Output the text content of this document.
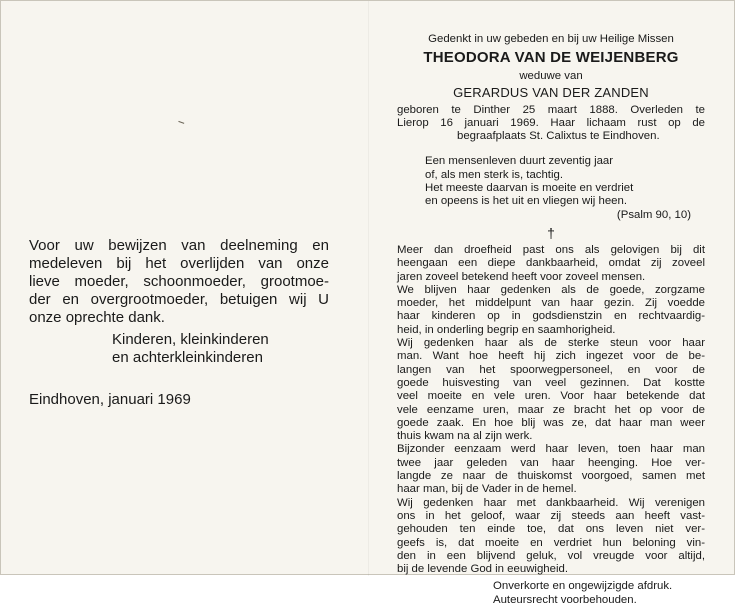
Voor uw bewijzen van deelneming en
medeleven bij het overlijden van onze
lieve moeder, schoonmoeder, grootmoe-
der en overgrootmoeder, betuigen wij U
onze oprechte dank.
Kinderen, kleinkinderen
en achterkleinkinderen
Eindhoven, januari 1969
Gedenkt in uw gebeden en bij uw Heilige Missen
THEODORA VAN DE WEIJENBERG
weduwe van
GERARDUS VAN DER ZANDEN
geboren te Dinther 25 maart 1888. Overleden te
Lierop 16 januari 1969. Haar lichaam rust op de
begraafplaats St. Calixtus te Eindhoven.
Een mensenleven duurt zeventig jaar
of, als men sterk is, tachtig.
Het meeste daarvan is moeite en verdriet
en opeens is het uit en vliegen wij heen.
(Psalm 90, 10)
†
Meer dan droefheid past ons als gelovigen bij dit
heengaan een diepe dankbaarheid, omdat zij zoveel
jaren zoveel betekend heeft voor zoveel mensen.
We blijven haar gedenken als de goede, zorgzame
moeder, het middelpunt van haar gezin. Zij voedde
haar kinderen op in godsdienstzin en rechtvaardig-
heid, in onderling begrip en saamhorigheid.
Wij gedenken haar als de sterke steun voor haar
man. Want hoe heeft hij zich ingezet voor de be-
langen van het spoorwegpersoneel, en voor de
goede huisvesting van veel gezinnen. Dat kostte
veel moeite en vele uren. Voor haar betekende dat
vele eenzame uren, maar ze bracht het op voor de
goede zaak. En hoe blij was ze, dat haar man weer
thuis kwam na al zijn werk.
Bijzonder eenzaam werd haar leven, toen haar man
twee jaar geleden van haar heenging. Hoe ver-
langde ze naar de thuiskomst voorgoed, samen met
haar man, bij de Vader in de hemel.
Wij gedenken haar met dankbaarheid. Wij verenigen
ons in het geloof, waar zij steeds aan heeft vast-
gehouden ten einde toe, dat ons leven niet ver-
geefs is, dat moeite en verdriet hun beloning vin-
den in een blijvend geluk, vol vreugde voor altijd,
bij de levende God in eeuwigheid.
Onverkorte en ongewijzigde afdruk.
Auteursrecht voorbehouden.
